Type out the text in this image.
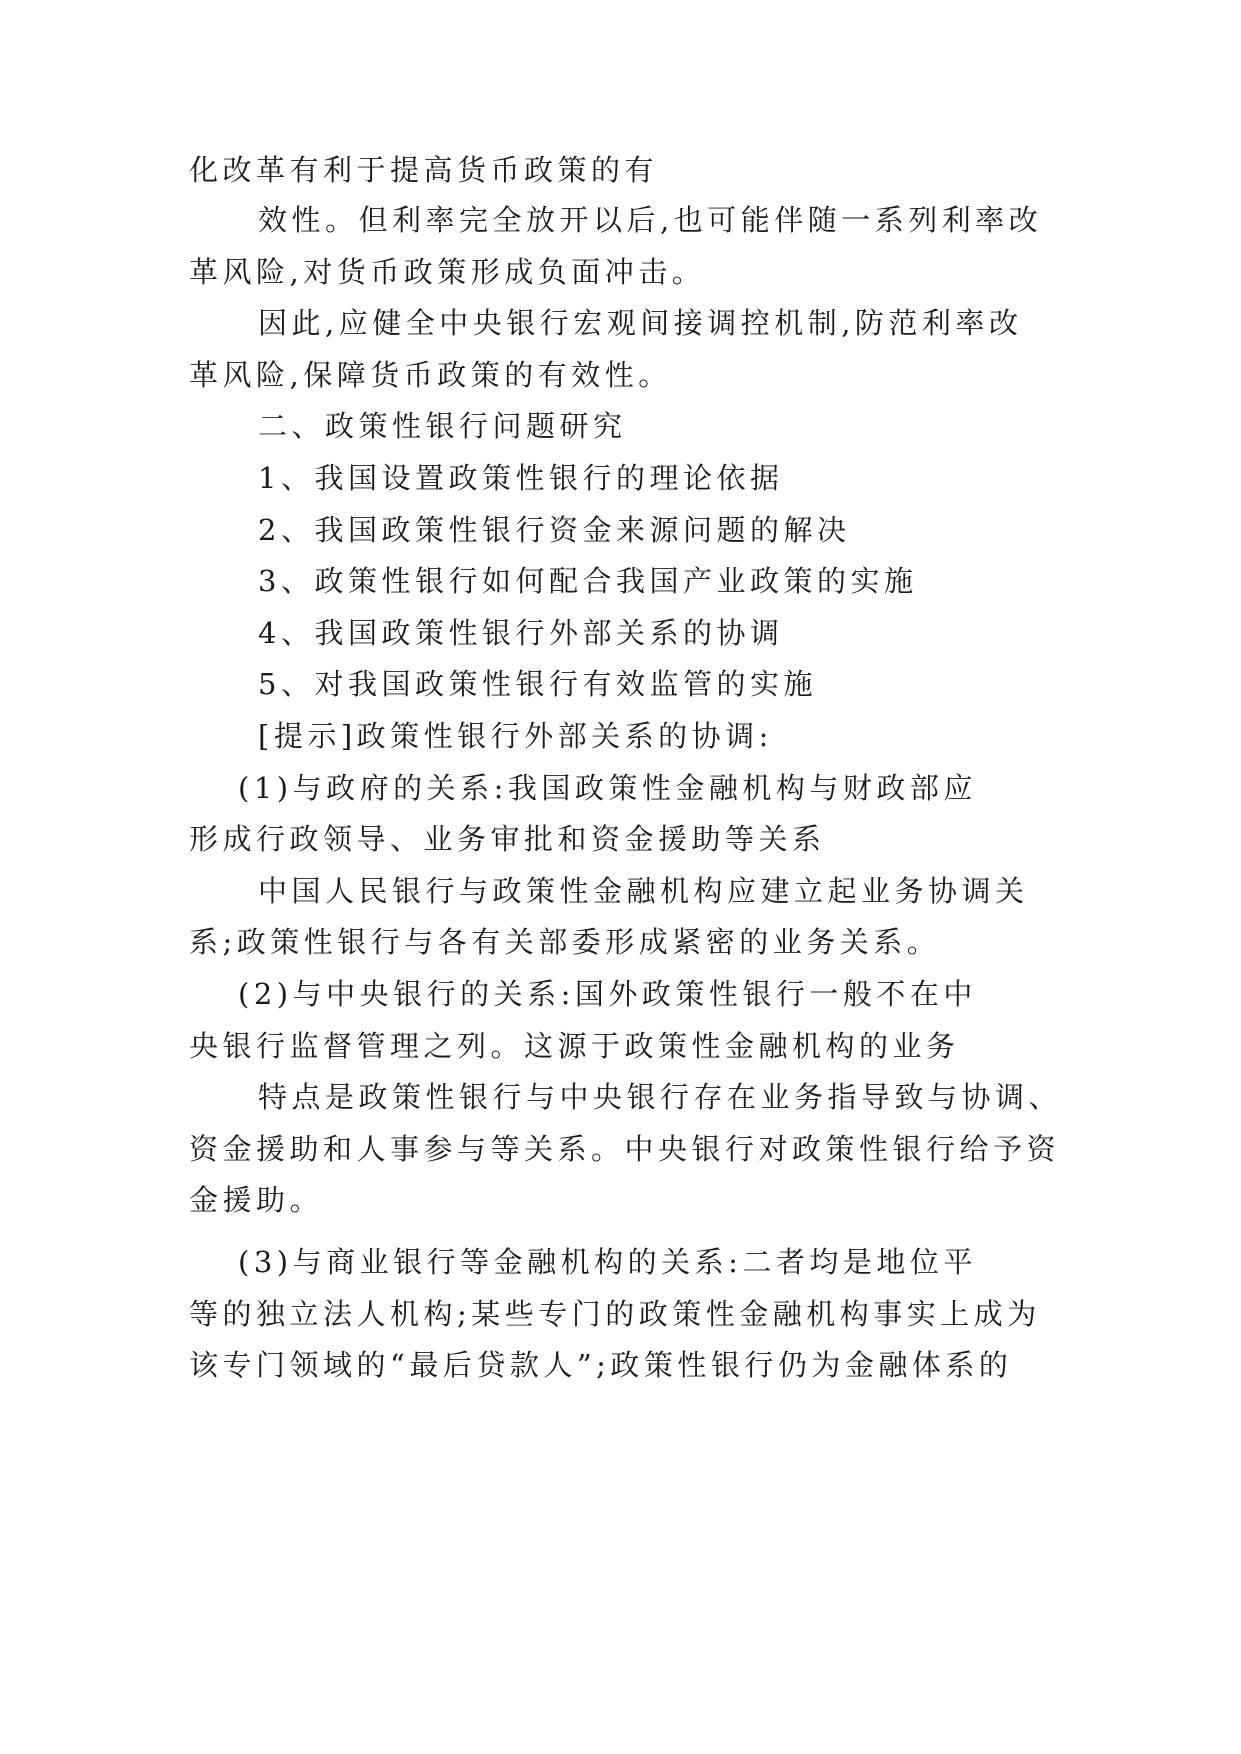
化改革有利于提高货币政策的有
效性。但利率完全放开以后,也可能伴随一系列利率改
革风险,对货币政策形成负面冲击。
因此,应健全中央银行宏观间接调控机制,防范利率改
革风险,保障货币政策的有效性。
二、政策性银行问题研究
1、我国设置政策性银行的理论依据
2、我国政策性银行资金来源问题的解决
3、政策性银行如何配合我国产业政策的实施
4、我国政策性银行外部关系的协调
5、对我国政策性银行有效监管的实施
[提示]政策性银行外部关系的协调:
(1)与政府的关系:我国政策性金融机构与财政部应
形成行政领导、业务审批和资金援助等关系
中国人民银行与政策性金融机构应建立起业务协调关
系;政策性银行与各有关部委形成紧密的业务关系。
(2)与中央银行的关系:国外政策性银行一般不在中
央银行监督管理之列。这源于政策性金融机构的业务
特点是政策性银行与中央银行存在业务指导致与协调、
资金援助和人事参与等关系。中央银行对政策性银行给予资
金援助。
(3)与商业银行等金融机构的关系:二者均是地位平
等的独立法人机构;某些专门的政策性金融机构事实上成为
该专门领域的“最后贷款人”;政策性银行仍为金融体系的
